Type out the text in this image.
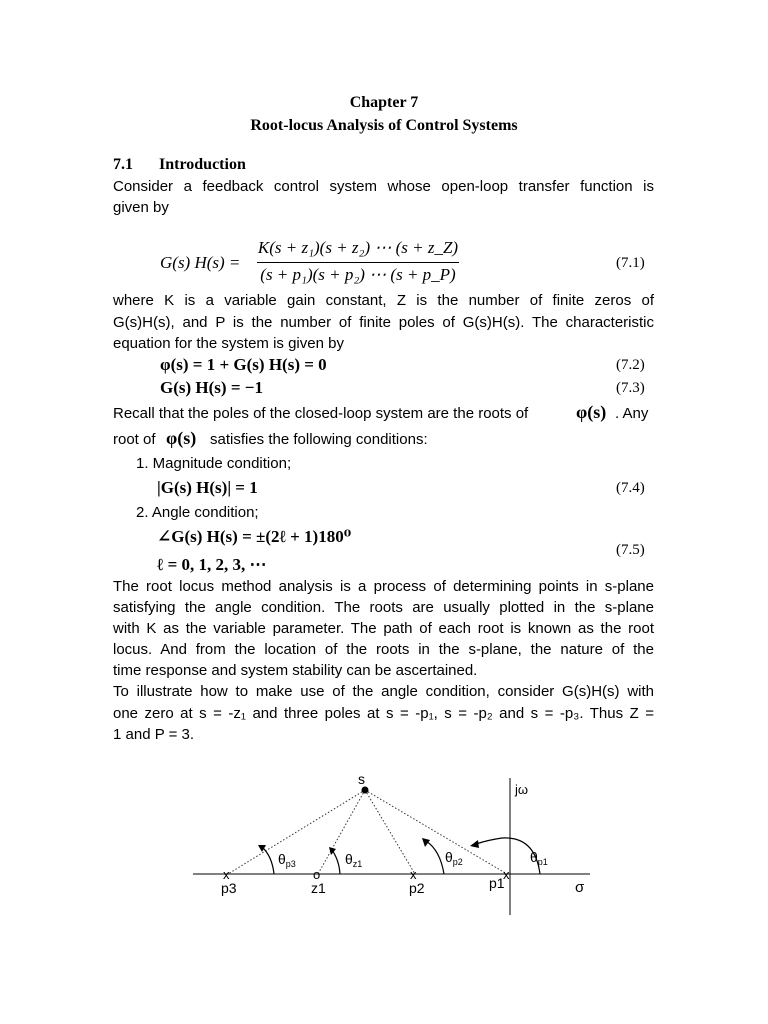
Chapter 7
Root-locus Analysis of Control Systems
7.1 Introduction
Consider a feedback control system whose open-loop transfer function is
given by
G(s) H(s) =
K(s + z₁)(s + z₂) ⋯ (s + z_Z)
(s + p₁)(s + p₂) ⋯ (s + p_P)
(7.1)
where K is a variable gain constant, Z is the number of finite zeros of
G(s)H(s), and P is the number of finite poles of G(s)H(s). The characteristic
equation for the system is given by
φ(s) = 1 + G(s) H(s) = 0	(7.2)
G(s) H(s) = −1	(7.3)
Recall that the poles of the closed-loop system are the roots of	φ(s) . Any
root of φ(s) satisfies the following conditions:
1. Magnitude condition;
|G(s) H(s)| = 1	(7.4)
2. Angle condition;
∠G(s) H(s) = ±(2ℓ + 1)180⁰
ℓ = 0, 1, 2, 3, ⋯
(7.5)
The root locus method analysis is a process of determining points in s-plane
satisfying the angle condition. The roots are usually plotted in the s-plane
with K as the variable parameter. The path of each root is known as the root
locus. And from the location of the roots in the s-plane, the nature of the
time response and system stability can be ascertained.
To illustrate how to make use of the angle condition, consider G(s)H(s) with
one zero at s = -z₁ and three poles at s = -p₁, s = -p₂ and s = -p₃. Thus Z =
1 and P = 3.
s
jω
σ
x	o	x	x
p3	z1	p2	p1
$\theta_{p3}$	$\theta_{z1}$	$\theta_{p2}$	$\theta_{p1}$
